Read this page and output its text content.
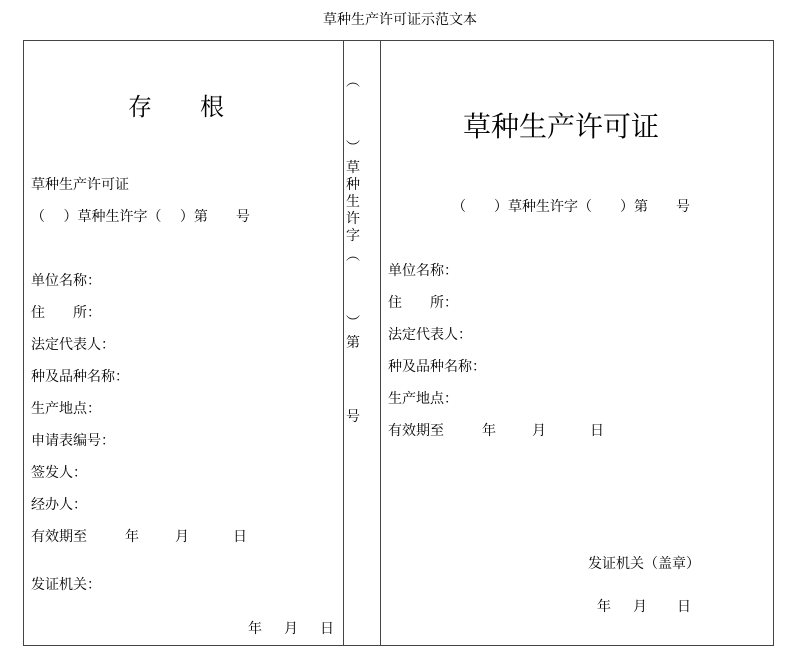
草种生产许可证示范文本
存　　根
草种生产许可证
（　 ）草种生许字（　 ）第　　号
单位名称：
住　　所：
法定代表人：
种及品种名称：
生产地点：
申请表编号：
签发人：
经办人：
有效期至	年	月	日
发证机关：
年 月 日
︵
︶
草
种
生
许
字
︵
︶
第
号
草种生产许可证
（　　）草种生许字（　　）第　　号
单位名称：
住　　所：
法定代表人：
种及品种名称：
生产地点：
有效期至	年	月	日
发证机关（盖章）
年 月 日
